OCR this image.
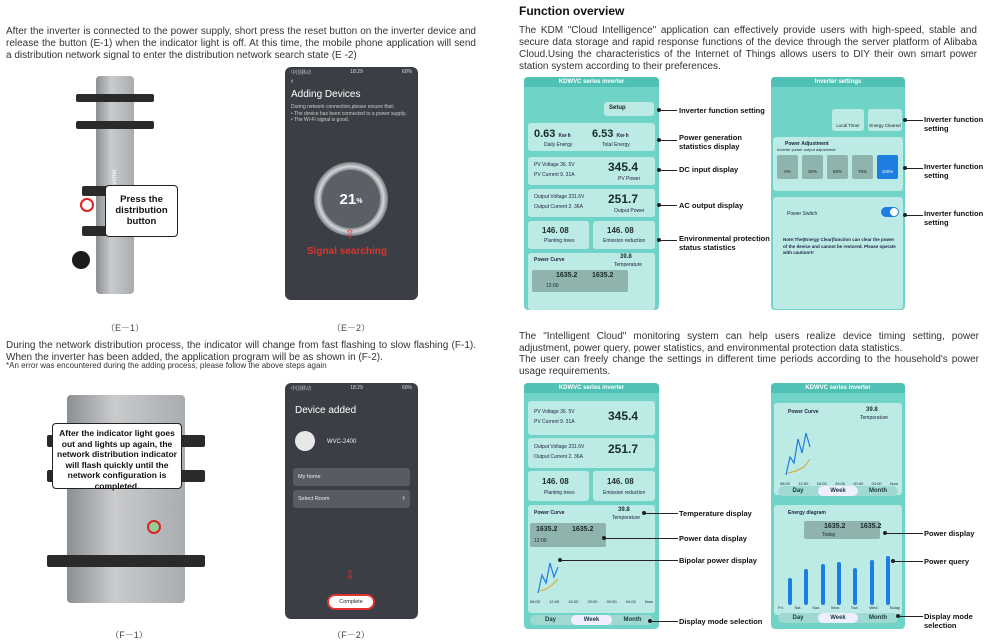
After the inverter is connected to the power supply, short press the reset button on the inverter device and release the button (E-1) when the indicator light is off. At this time, the mobile phone application will send a distribution network signal to enter the distribution network search state (E -2)
Press the distribution button
（E－1）
中国移动	18:29	60%
‹
Adding Devices
During network connection,please ensure that:
• The device has been connected to a power supply.
• The Wi-Fi signal is good.
21 %
⇧
Signal searching
（E－2）
During the network distribution process, the indicator will change from fast flashing to slow flashing (F-1). When the inverter has been added, the application program will be as shown in (F-2).
*An error was encountered during the adding process, please follow the above steps again
After the indicator light goes out and lights up again, the network distribution indicator will flash quickly until the network configuration is completed.
（F－1）
中国移动	18:29	60%
Device added
WVC-2400
My home
Select Room	›
⇩
Complete
（F－2）
Function overview
The KDM "Cloud Intelligence" application can effectively provide users with high-speed, stable and secure data storage and rapid response functions of the device through the server platform of Alibaba Cloud.Using the characteristics of the Internet of Things allows users to DIY their own smart power station system according to their preferences.
KDWVC series inverter
Setup
0.63 Kw·h
Daily Energy
6.53 Kw·h
Total Energy
PV Voltage 36. 5V
PV Current 9. 31A
345.4
PV Power
Output Voltage 231.6V
Output Current 2. 36A
251.7
Output Power
146. 08
Planting trees
146. 08
Emission reduction
Power Curve	39.8
Temperature
1635.2 1635.2
12:00
Inverter settings
Local Timer	Energy Cleared
Power Adjustment
Inverter power output adjustment
0%	30%	60%	75%	100%
Power Switch
Note:The(Energy Clear)function can clear the power of the device and cannot be restored. Please operate with caution!!!
Inverter function setting
Power generation statistics display
DC input display
AC output display
Environmental protection status statistics
Inverter function setting
Inverter function setting
Inverter function setting
The "Intelligent Cloud" monitoring system can help users realize device timing setting, power adjustment, power query, power statistics, and environmental protection data statistics.
The user can freely change the settings in different time periods according to the household's power usage requirements.
KDWVC series inverter
PV Voltage 36. 5V
PV Current 9. 31A	345.4
Output Voltage 231.6V
Output Current 2. 36A
251.7
146. 08
Planting trees
146. 08
Emission reduction
Power Curve	39.8
Temperature
1635.2 1635.2
12:00
08:00 12:00 16:00 20:00 00:00 04:00 Now
Day	Week	Month
KDWVC series inverter
Power Curve	39.8
Temperature
08:00 12:00 16:00 20:00 00:00 04:00 Now
Day	Week	Month
Energy diagram
1635.2 1635.2
Today
Fri.	Sat.	Sun.	Mon.	Tue.	Wed.	Today
Day	Week	Month
Temperature display
Power data display
Bipolar power display
Display mode selection
Power display
Power query
Display mode selection
